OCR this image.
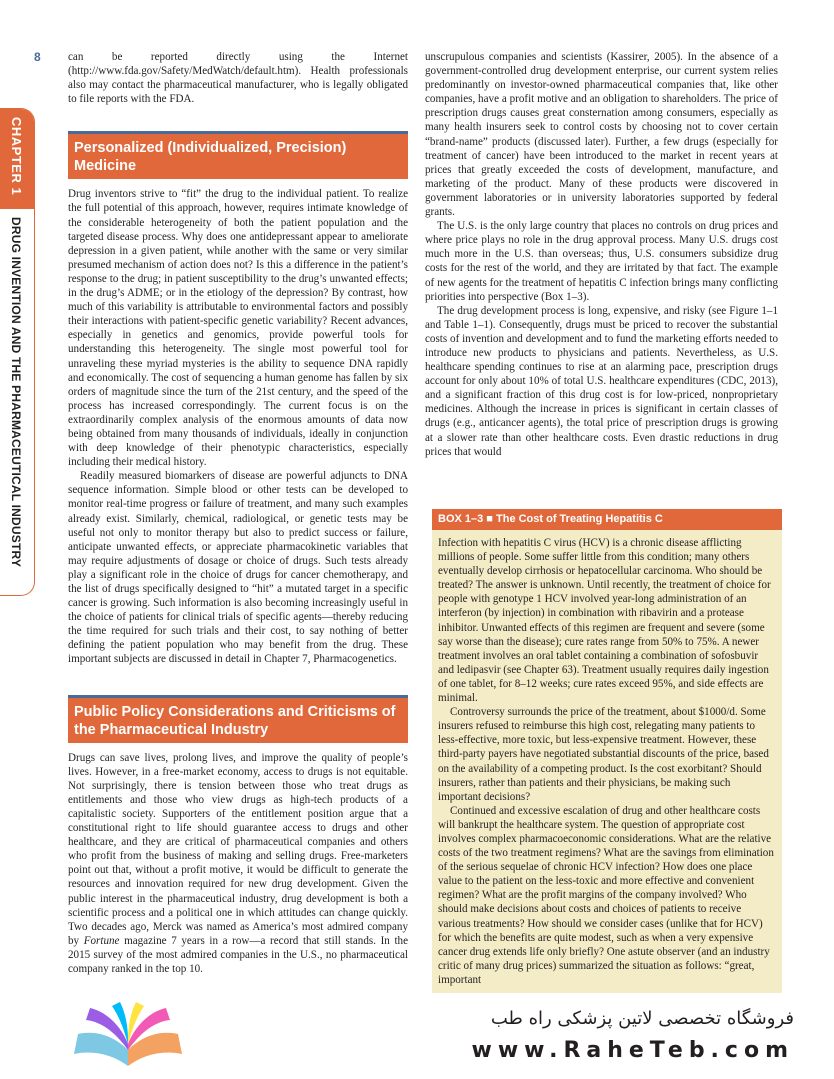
8
CHAPTER 1
DRUG INVENTION AND THE PHARMACEUTICAL INDUSTRY

can be reported directly using the Internet (http://www.fda.gov/Safety/MedWatch/default.htm). Health professionals also may contact the pharmaceutical manufacturer, who is legally obligated to file reports with the FDA.

Personalized (Individualized, Precision) Medicine

Drug inventors strive to “fit” the drug to the individual patient. To realize the full potential of this approach, however, requires intimate knowledge of the considerable heterogeneity of both the patient population and the targeted disease process. Why does one antidepressant appear to ameliorate depression in a given patient, while another with the same or very similar presumed mechanism of action does not? Is this a difference in the patient’s response to the drug; in patient susceptibility to the drug’s unwanted effects; in the drug’s ADME; or in the etiology of the depression? By contrast, how much of this variability is attributable to environmental factors and possibly their interactions with patient-specific genetic variability? Recent advances, especially in genetics and genomics, provide powerful tools for understanding this heterogeneity. The single most powerful tool for unraveling these myriad mysteries is the ability to sequence DNA rapidly and economically. The cost of sequencing a human genome has fallen by six orders of magnitude since the turn of the 21st century, and the speed of the process has increased correspondingly. The current focus is on the extraordinarily complex analysis of the enormous amounts of data now being obtained from many thousands of individuals, ideally in conjunction with deep knowledge of their phenotypic characteristics, especially including their medical history.

Readily measured biomarkers of disease are powerful adjuncts to DNA sequence information. Simple blood or other tests can be developed to monitor real-time progress or failure of treatment, and many such examples already exist. Similarly, chemical, radiological, or genetic tests may be useful not only to monitor therapy but also to predict success or failure, anticipate unwanted effects, or appreciate pharmacokinetic variables that may require adjustments of dosage or choice of drugs. Such tests already play a significant role in the choice of drugs for cancer chemotherapy, and the list of drugs specifically designed to “hit” a mutated target in a specific cancer is growing. Such information is also becoming increasingly useful in the choice of patients for clinical trials of specific agents—thereby reducing the time required for such trials and their cost, to say nothing of better defining the patient population who may benefit from the drug. These important subjects are discussed in detail in Chapter 7, Pharmacogenetics.

Public Policy Considerations and Criticisms of the Pharmaceutical Industry

Drugs can save lives, prolong lives, and improve the quality of people’s lives. However, in a free-market economy, access to drugs is not equitable. Not surprisingly, there is tension between those who treat drugs as entitlements and those who view drugs as high-tech products of a capitalistic society. Supporters of the entitlement position argue that a constitutional right to life should guarantee access to drugs and other healthcare, and they are critical of pharmaceutical companies and others who profit from the business of making and selling drugs. Free-marketers point out that, without a profit motive, it would be difficult to generate the resources and innovation required for new drug development. Given the public interest in the pharmaceutical industry, drug development is both a scientific process and a political one in which attitudes can change quickly. Two decades ago, Merck was named as America’s most admired company by Fortune magazine 7 years in a row—a record that still stands. In the 2015 survey of the most admired companies in the U.S., no pharmaceutical company ranked in the top 10.

unscrupulous companies and scientists (Kassirer, 2005). In the absence of a government-controlled drug development enterprise, our current system relies predominantly on investor-owned pharmaceutical companies that, like other companies, have a profit motive and an obligation to shareholders. The price of prescription drugs causes great consternation among consumers, especially as many health insurers seek to control costs by choosing not to cover certain “brand-name” products (discussed later). Further, a few drugs (especially for treatment of cancer) have been introduced to the market in recent years at prices that greatly exceeded the costs of development, manufacture, and marketing of the product. Many of these products were discovered in government laboratories or in university laboratories supported by federal grants.

The U.S. is the only large country that places no controls on drug prices and where price plays no role in the drug approval process. Many U.S. drugs cost much more in the U.S. than overseas; thus, U.S. consumers subsidize drug costs for the rest of the world, and they are irritated by that fact. The example of new agents for the treatment of hepatitis C infection brings many conflicting priorities into perspective (Box 1–3).

The drug development process is long, expensive, and risky (see Figure 1–1 and Table 1–1). Consequently, drugs must be priced to recover the substantial costs of invention and development and to fund the marketing efforts needed to introduce new products to physicians and patients. Nevertheless, as U.S. healthcare spending continues to rise at an alarming pace, prescription drugs account for only about 10% of total U.S. healthcare expenditures (CDC, 2013), and a significant fraction of this drug cost is for low-priced, nonproprietary medicines. Although the increase in prices is significant in certain classes of drugs (e.g., anticancer agents), the total price of prescription drugs is growing at a slower rate than other healthcare costs. Even drastic reductions in drug prices that would

BOX 1–3 ■ The Cost of Treating Hepatitis C

Infection with hepatitis C virus (HCV) is a chronic disease afflicting millions of people. Some suffer little from this condition; many others eventually develop cirrhosis or hepatocellular carcinoma. Who should be treated? The answer is unknown. Until recently, the treatment of choice for people with genotype 1 HCV involved year-long administration of an interferon (by injection) in combination with ribavirin and a protease inhibitor. Unwanted effects of this regimen are frequent and severe (some say worse than the disease); cure rates range from 50% to 75%. A newer treatment involves an oral tablet containing a combination of sofosbuvir and ledipasvir (see Chapter 63). Treatment usually requires daily ingestion of one tablet, for 8–12 weeks; cure rates exceed 95%, and side effects are minimal.

Controversy surrounds the price of the treatment, about $1000/d. Some insurers refused to reimburse this high cost, relegating many patients to less-effective, more toxic, but less-expensive treatment. However, these third-party payers have negotiated substantial discounts of the price, based on the availability of a competing product. Is the cost exorbitant? Should insurers, rather than patients and their physicians, be making such important decisions?

Continued and excessive escalation of drug and other healthcare costs will bankrupt the healthcare system. The question of appropriate cost involves complex pharmacoeconomic considerations. What are the relative costs of the two treatment regimens? What are the savings from elimination of the serious sequelae of chronic HCV infection? How does one place value to the patient on the less-toxic and more effective and convenient regimen? What are the profit margins of the company involved? Who should make decisions about costs and choices of patients to receive various treatments? How should we consider cases (unlike that for HCV) for which the benefits are quite modest, such as when a very expensive cancer drug extends life only briefly? One astute observer (and an industry critic of many drug prices) summarized the situation as follows: “great, important

فروشگاه تخصصی لاتین پزشکی راه طب
www.RaheTeb.com
